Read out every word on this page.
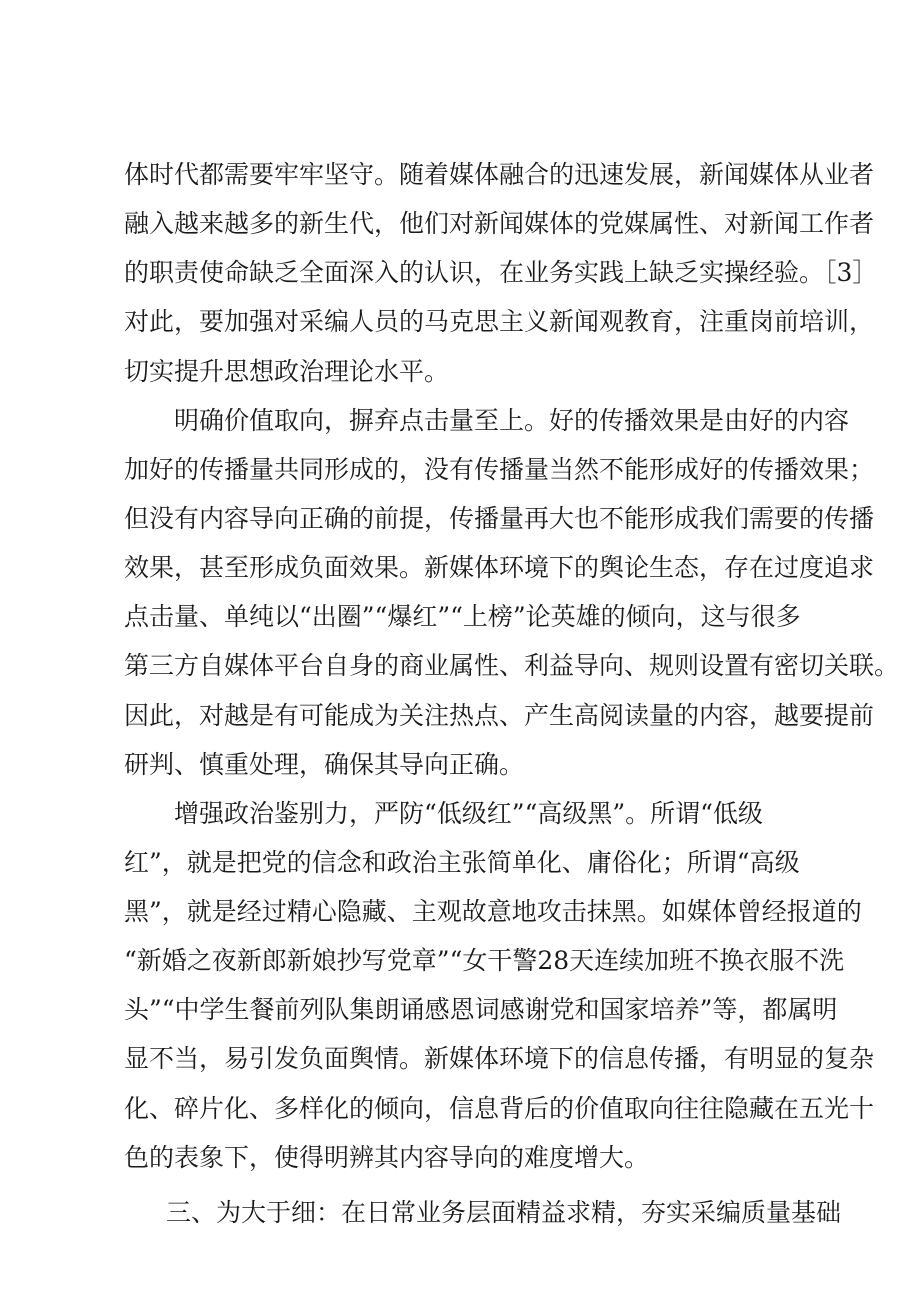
体时代都需要牢牢坚守。随着媒体融合的迅速发展，新闻媒体从业者
融入越来越多的新生代，他们对新闻媒体的党媒属性、对新闻工作者
的职责使命缺乏全面深入的认识，在业务实践上缺乏实操经验。［3］
对此，要加强对采编人员的马克思主义新闻观教育，注重岗前培训，
切实提升思想政治理论水平。
明确价值取向，摒弃点击量至上。好的传播效果是由好的内容
加好的传播量共同形成的，没有传播量当然不能形成好的传播效果；
但没有内容导向正确的前提，传播量再大也不能形成我们需要的传播
效果，甚至形成负面效果。新媒体环境下的舆论生态，存在过度追求
点击量、单纯以“出圈”“爆红”“上榜”论英雄的倾向，这与很多
第三方自媒体平台自身的商业属性、利益导向、规则设置有密切关联。
因此，对越是有可能成为关注热点、产生高阅读量的内容，越要提前
研判、慎重处理，确保其导向正确。
增强政治鉴别力，严防“低级红”“高级黑”。所谓“低级
红”，就是把党的信念和政治主张简单化、庸俗化；所谓“高级
黑”，就是经过精心隐藏、主观故意地攻击抹黑。如媒体曾经报道的
“新婚之夜新郎新娘抄写党章”“女干警28天连续加班不换衣服不洗
头”“中学生餐前列队集朗诵感恩词感谢党和国家培养”等，都属明
显不当，易引发负面舆情。新媒体环境下的信息传播，有明显的复杂
化、碎片化、多样化的倾向，信息背后的价值取向往往隐藏在五光十
色的表象下，使得明辨其内容导向的难度增大。
三、为大于细：在日常业务层面精益求精，夯实采编质量基础
